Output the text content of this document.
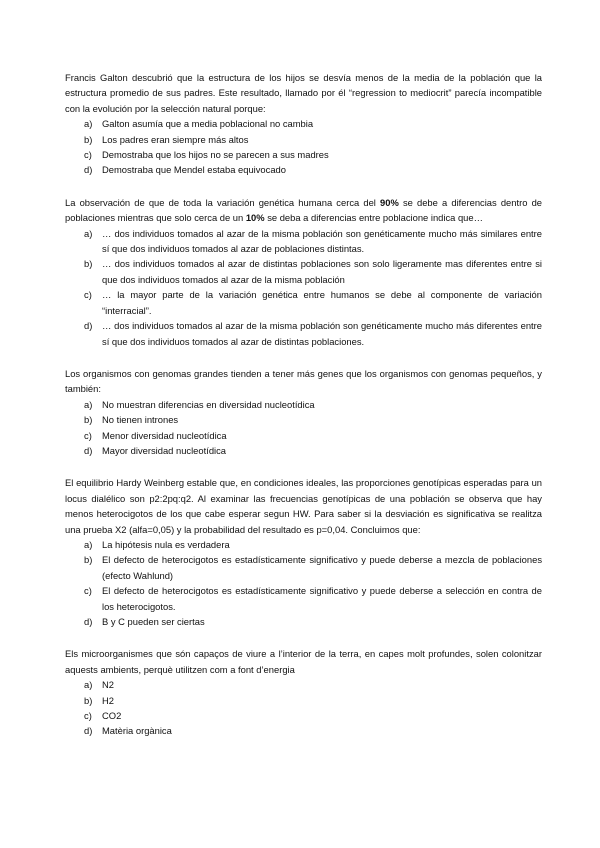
Francis Galton descubrió que la estructura de los hijos se desvía menos de la media de la población que la estructura promedio de sus padres. Este resultado, llamado por él “regression to mediocrit” parecía incompatible con la evolución por la selección natural porque:

a) Galton asumía que a media poblacional no cambia
b) Los padres eran siempre más altos
c) Demostraba que los hijos no se parecen a sus madres
d) Demostraba que Mendel estaba equivocado

La observación de que de toda la variación genética humana cerca del 90% se debe a diferencias dentro de poblaciones mientras que solo cerca de un 10% se deba a diferencias entre poblacione indica que…

a) … dos individuos tomados al azar de la misma población son genéticamente mucho más similares entre sí que dos individuos tomados al azar de poblaciones distintas.
b) … dos individuos tomados al azar de distintas poblaciones son solo ligeramente mas diferentes entre si que dos individuos tomados al azar de la misma población
c) … la mayor parte de la variación genética entre humanos se debe al componente de variación “interracial”.
d) … dos individuos tomados al azar de la misma población son genéticamente mucho más diferentes entre sí que dos individuos tomados al azar de distintas poblaciones.

Los organismos con genomas grandes tienden a tener más genes que los organismos con genomas pequeños, y también:

a) No muestran diferencias en diversidad nucleotídica
b) No tienen intrones
c) Menor diversidad nucleotídica
d) Mayor diversidad nucleotídica

El equilibrio Hardy Weinberg estable que, en condiciones ideales, las proporciones genotípicas esperadas para un locus dialélico son p2:2pq:q2. Al examinar las frecuencias genotípicas de una población se observa que hay menos heterocigotos de los que cabe esperar segun HW. Para saber si la desviación es significativa se realitza una prueba X2 (alfa=0,05) y la probabilidad del resultado es p=0,04. Concluimos que:

a) La hipótesis nula es verdadera
b) El defecto de heterocigotos es estadísticamente significativo y puede deberse a mezcla de poblaciones (efecto Wahlund)
c) El defecto de heterocigotos es estadísticamente significativo y puede deberse a selección en contra de los heterocigotos.
d) B y C pueden ser ciertas

Els microorganismes que són capaços de viure a l’interior de la terra, en capes molt profundes, solen colonitzar aquests ambients, perquè utilitzen com a font d’energia

a) N2
b) H2
c) CO2
d) Matèria orgànica
